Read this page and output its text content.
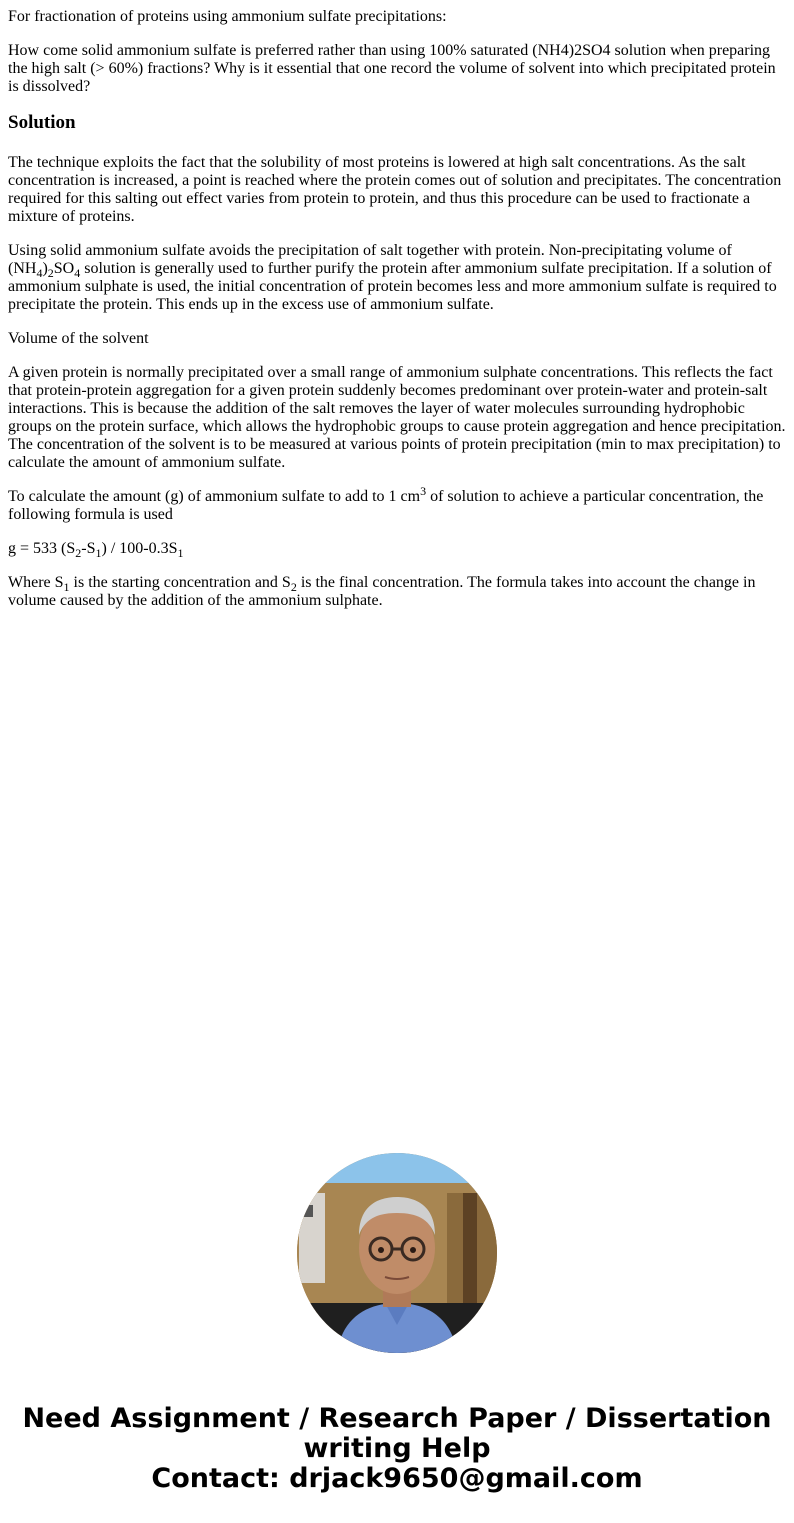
For fractionation of proteins using ammonium sulfate precipitations:

How come solid ammonium sulfate is preferred rather than using 100% saturated (NH4)2SO4 solution when preparing the high salt (> 60%) fractions? Why is it essential that one record the volume of solvent into which precipitated protein is dissolved?

Solution

The technique exploits the fact that the solubility of most proteins is lowered at high salt concentrations. As the salt concentration is increased, a point is reached where the protein comes out of solution and precipitates. The concentration required for this salting out effect varies from protein to protein, and thus this procedure can be used to fractionate a mixture of proteins.

Using solid ammonium sulfate avoids the precipitation of salt together with protein. Non-precipitating volume of $(NH_4)_2SO_4$ solution is generally used to further purify the protein after ammonium sulfate precipitation. If a solution of ammonium sulphate is used, the initial concentration of protein becomes less and more ammonium sulfate is required to precipitate the protein. This ends up in the excess use of ammonium sulfate.

Volume of the solvent

A given protein is normally precipitated over a small range of ammonium sulphate concentrations. This reflects the fact that protein-protein aggregation for a given protein suddenly becomes predominant over protein-water and protein-salt interactions. This is because the addition of the salt removes the layer of water molecules surrounding hydrophobic groups on the protein surface, which allows the hydrophobic groups to cause protein aggregation and hence precipitation. The concentration of the solvent is to be measured at various points of protein precipitation (min to max precipitation) to calculate the amount of ammonium sulfate.

To calculate the amount (g) of ammonium sulfate to add to 1 $cm^3$ of solution to achieve a particular concentration, the following formula is used

g = 533 $(S_2-S_1) / 100-0.3S_1$

Where $S_1$ is the starting concentration and $S_2$ is the final concentration. The formula takes into account the change in volume caused by the addition of the ammonium sulphate.

Need Assignment / Research Paper / Dissertation
writing Help
Contact: drjack9650@gmail.com
